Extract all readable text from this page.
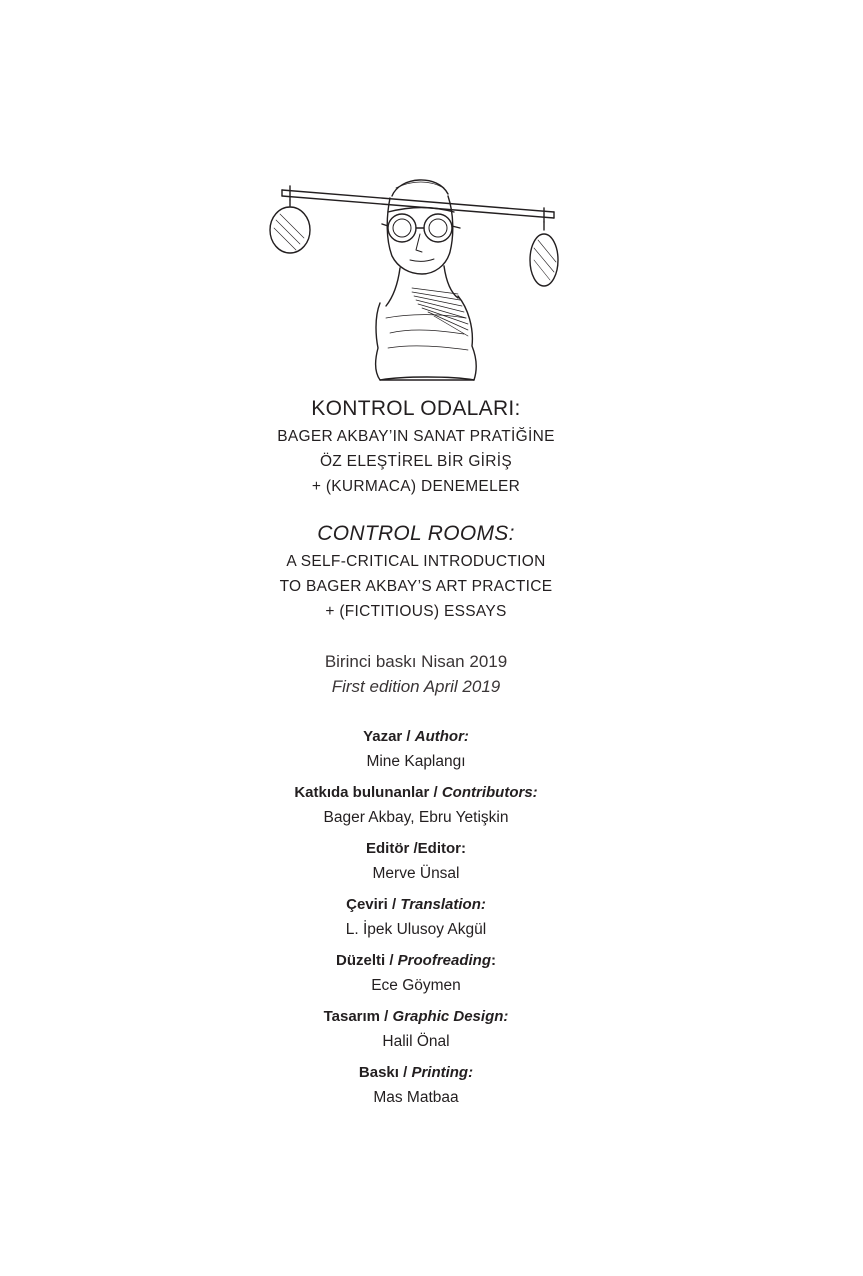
KONTROL ODALARI:
BAGER AKBAY’IN SANAT PRATİĞİNE
ÖZ ELEŞTİREL BİR GİRİŞ
+ (KURMACA) DENEMELER
CONTROL ROOMS:
A SELF-CRITICAL INTRODUCTION
TO BAGER AKBAY’S ART PRACTICE
+ (FICTITIOUS) ESSAYS
Birinci baskı Nisan 2019
First edition April 2019
Yazar / Author:
Mine Kaplangı
Katkıda bulunanlar / Contributors:
Bager Akbay, Ebru Yetişkin
Editör /Editor:
Merve Ünsal
Çeviri / Translation:
L. İpek Ulusoy Akgül
Düzelti / Proofreading:
Ece Göymen
Tasarım / Graphic Design:
Halil Önal
Baskı / Printing:
Mas Matbaa
